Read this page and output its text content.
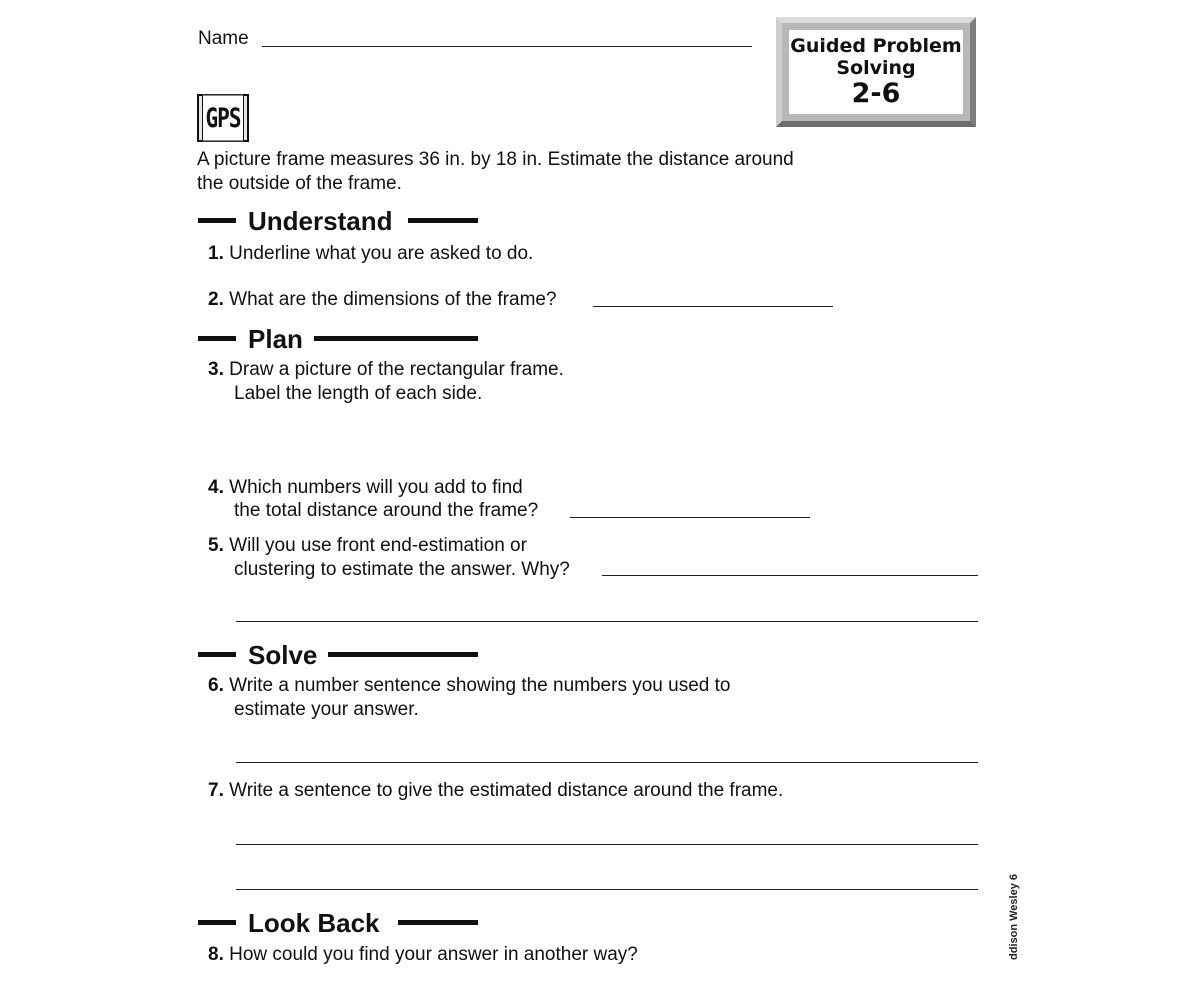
Name	Guided Problem
Solving
2-6
GPS
A picture frame measures 36 in. by 18 in. Estimate the distance around
the outside of the frame.
Understand
1. Underline what you are asked to do.
2. What are the dimensions of the frame?
Plan
3. Draw a picture of the rectangular frame.
Label the length of each side.
4. Which numbers will you add to find
the total distance around the frame?
5. Will you use front end-estimation or
clustering to estimate the answer. Why?
Solve
6. Write a number sentence showing the numbers you used to
estimate your answer.
7. Write a sentence to give the estimated distance around the frame.
Look Back
8. How could you find your answer in another way?	ddison Wesley 6
